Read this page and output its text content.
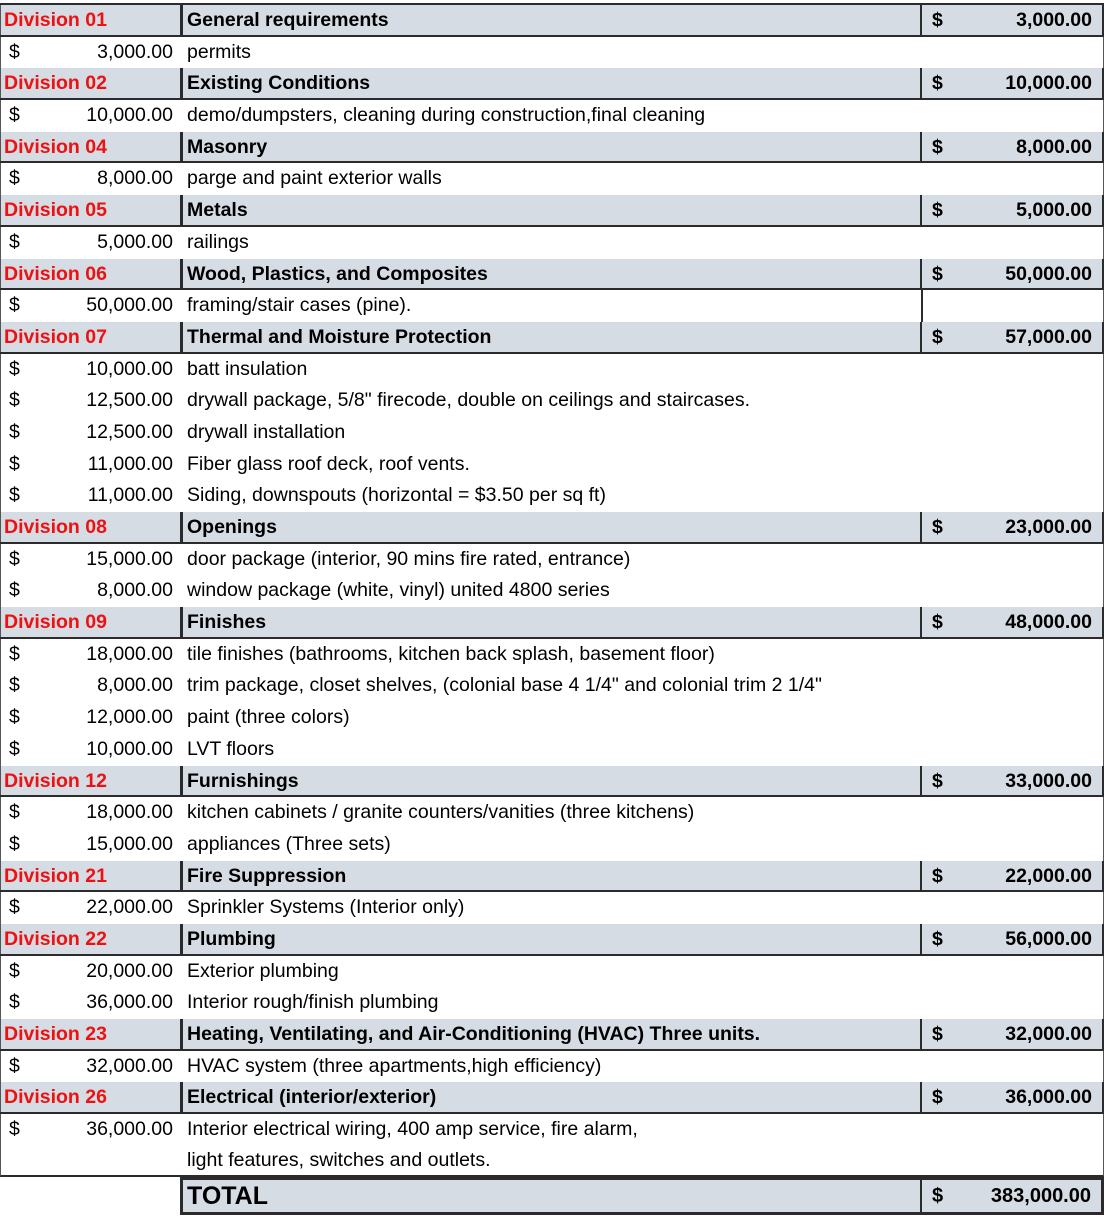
Division 01	General requirements	$	3,000.00
$	3,000.00 permits
Division 02	Existing Conditions	$	10,000.00
$	10,000.00 demo/dumpsters, cleaning during construction,final cleaning
Division 04	Masonry	$	8,000.00
$	8,000.00 parge and paint exterior walls
Division 05	Metals	$	5,000.00
$	5,000.00 railings
Division 06	Wood, Plastics, and Composites	$	50,000.00
$	50,000.00 framing/stair cases (pine).
Division 07	Thermal and Moisture Protection	$	57,000.00
$	10,000.00 batt insulation
$	12,500.00 drywall package, 5/8" firecode, double on ceilings and staircases.
$	12,500.00 drywall installation
$	11,000.00 Fiber glass roof deck, roof vents.
$	11,000.00 Siding, downspouts (horizontal = $3.50 per sq ft)
Division 08	Openings	$	23,000.00
$	15,000.00 door package (interior, 90 mins fire rated, entrance)
$	8,000.00 window package (white, vinyl) united 4800 series
Division 09	Finishes	$	48,000.00
$	18,000.00 tile finishes (bathrooms, kitchen back splash, basement floor)
$	8,000.00 trim package, closet shelves, (colonial base 4 1/4" and colonial trim 2 1/4"
$	12,000.00 paint (three colors)
$	10,000.00 LVT floors
Division 12	Furnishings	$	33,000.00
$	18,000.00 kitchen cabinets / granite counters/vanities (three kitchens)
$	15,000.00 appliances (Three sets)
Division 21	Fire Suppression	$	22,000.00
$	22,000.00 Sprinkler Systems (Interior only)
Division 22	Plumbing	$	56,000.00
$	20,000.00 Exterior plumbing
$	36,000.00 Interior rough/finish plumbing
Division 23	Heating, Ventilating, and Air-Conditioning (HVAC) Three units.	$	32,000.00
$	32,000.00 HVAC system (three apartments,high efficiency)
Division 26	Electrical (interior/exterior)	$	36,000.00
$	36,000.00 Interior electrical wiring, 400 amp service, fire alarm,
light features, switches and outlets.
TOTAL	$ 383,000.00
